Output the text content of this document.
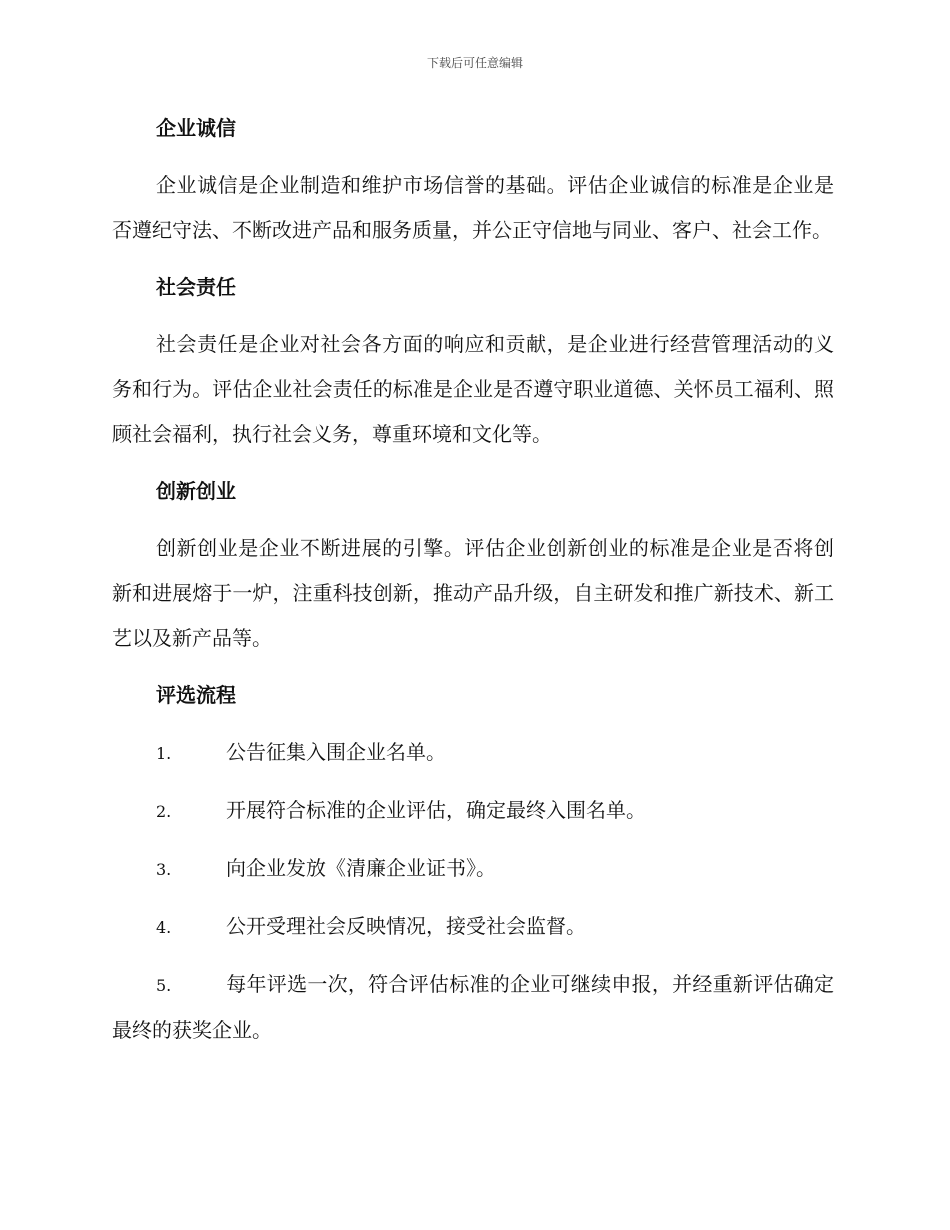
下载后可任意编辑
企业诚信

企业诚信是企业制造和维护市场信誉的基础。评估企业诚信的标准是企业是否遵纪守法、不断改进产品和服务质量，并公正守信地与同业、客户、社会工作。

社会责任

社会责任是企业对社会各方面的响应和贡献，是企业进行经营管理活动的义务和行为。评估企业社会责任的标准是企业是否遵守职业道德、关怀员工福利、照顾社会福利，执行社会义务，尊重环境和文化等。

创新创业

创新创业是企业不断进展的引擎。评估企业创新创业的标准是企业是否将创新和进展熔于一炉，注重科技创新，推动产品升级，自主研发和推广新技术、新工艺以及新产品等。

评选流程

1.	公告征集入围企业名单。

2.	开展符合标准的企业评估，确定最终入围名单。

3.	向企业发放《清廉企业证书》。

4.	公开受理社会反映情况，接受社会监督。

5.	每年评选一次，符合评估标准的企业可继续申报，并经重新评估确定最终的获奖企业。
